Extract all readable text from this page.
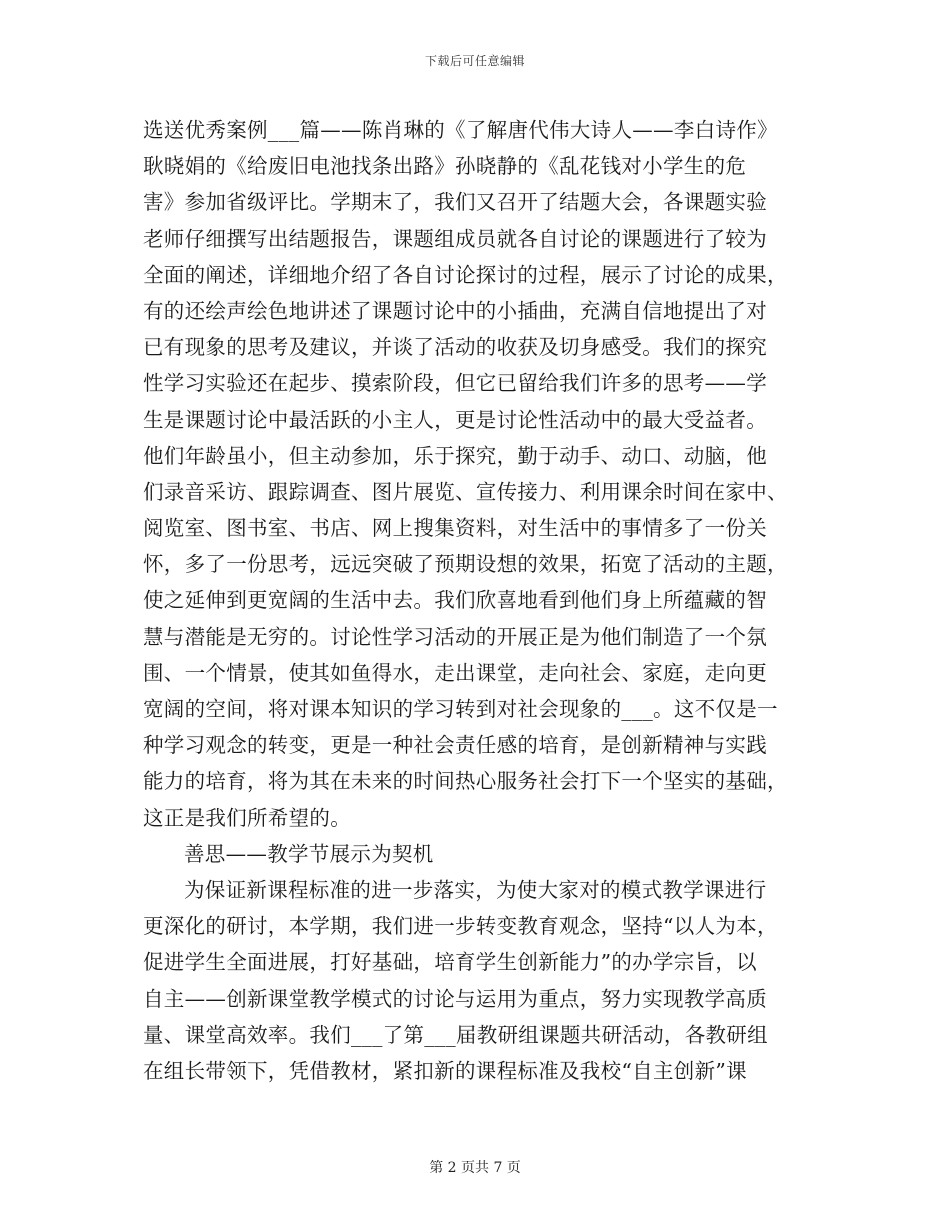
下载后可任意编辑
选送优秀案例___篇——陈肖琳的《了解唐代伟大诗人——李白诗作》
耿晓娟的《给废旧电池找条出路》孙晓静的《乱花钱对小学生的危
害》参加省级评比。学期末了，我们又召开了结题大会，各课题实验
老师仔细撰写出结题报告，课题组成员就各自讨论的课题进行了较为
全面的阐述，详细地介绍了各自讨论探讨的过程，展示了讨论的成果，
有的还绘声绘色地讲述了课题讨论中的小插曲，充满自信地提出了对
已有现象的思考及建议，并谈了活动的收获及切身感受。我们的探究
性学习实验还在起步、摸索阶段，但它已留给我们许多的思考——学
生是课题讨论中最活跃的小主人，更是讨论性活动中的最大受益者。
他们年龄虽小，但主动参加，乐于探究，勤于动手、动口、动脑，他
们录音采访、跟踪调查、图片展览、宣传接力、利用课余时间在家中、
阅览室、图书室、书店、网上搜集资料，对生活中的事情多了一份关
怀，多了一份思考，远远突破了预期设想的效果，拓宽了活动的主题，
使之延伸到更宽阔的生活中去。我们欣喜地看到他们身上所蕴藏的智
慧与潜能是无穷的。讨论性学习活动的开展正是为他们制造了一个氛
围、一个情景，使其如鱼得水，走出课堂，走向社会、家庭，走向更
宽阔的空间，将对课本知识的学习转到对社会现象的___。这不仅是一
种学习观念的转变，更是一种社会责任感的培育，是创新精神与实践
能力的培育，将为其在未来的时间热心服务社会打下一个坚实的基础，
这正是我们所希望的。
善思——教学节展示为契机
为保证新课程标准的进一步落实，为使大家对的模式教学课进行
更深化的研讨，本学期，我们进一步转变教育观念，坚持“以人为本，
促进学生全面进展，打好基础，培育学生创新能力”的办学宗旨，以
自主——创新课堂教学模式的讨论与运用为重点，努力实现教学高质
量、课堂高效率。我们___了第___届教研组课题共研活动，各教研组
在组长带领下，凭借教材，紧扣新的课程标准及我校“自主创新”课
第 2 页共 7 页
